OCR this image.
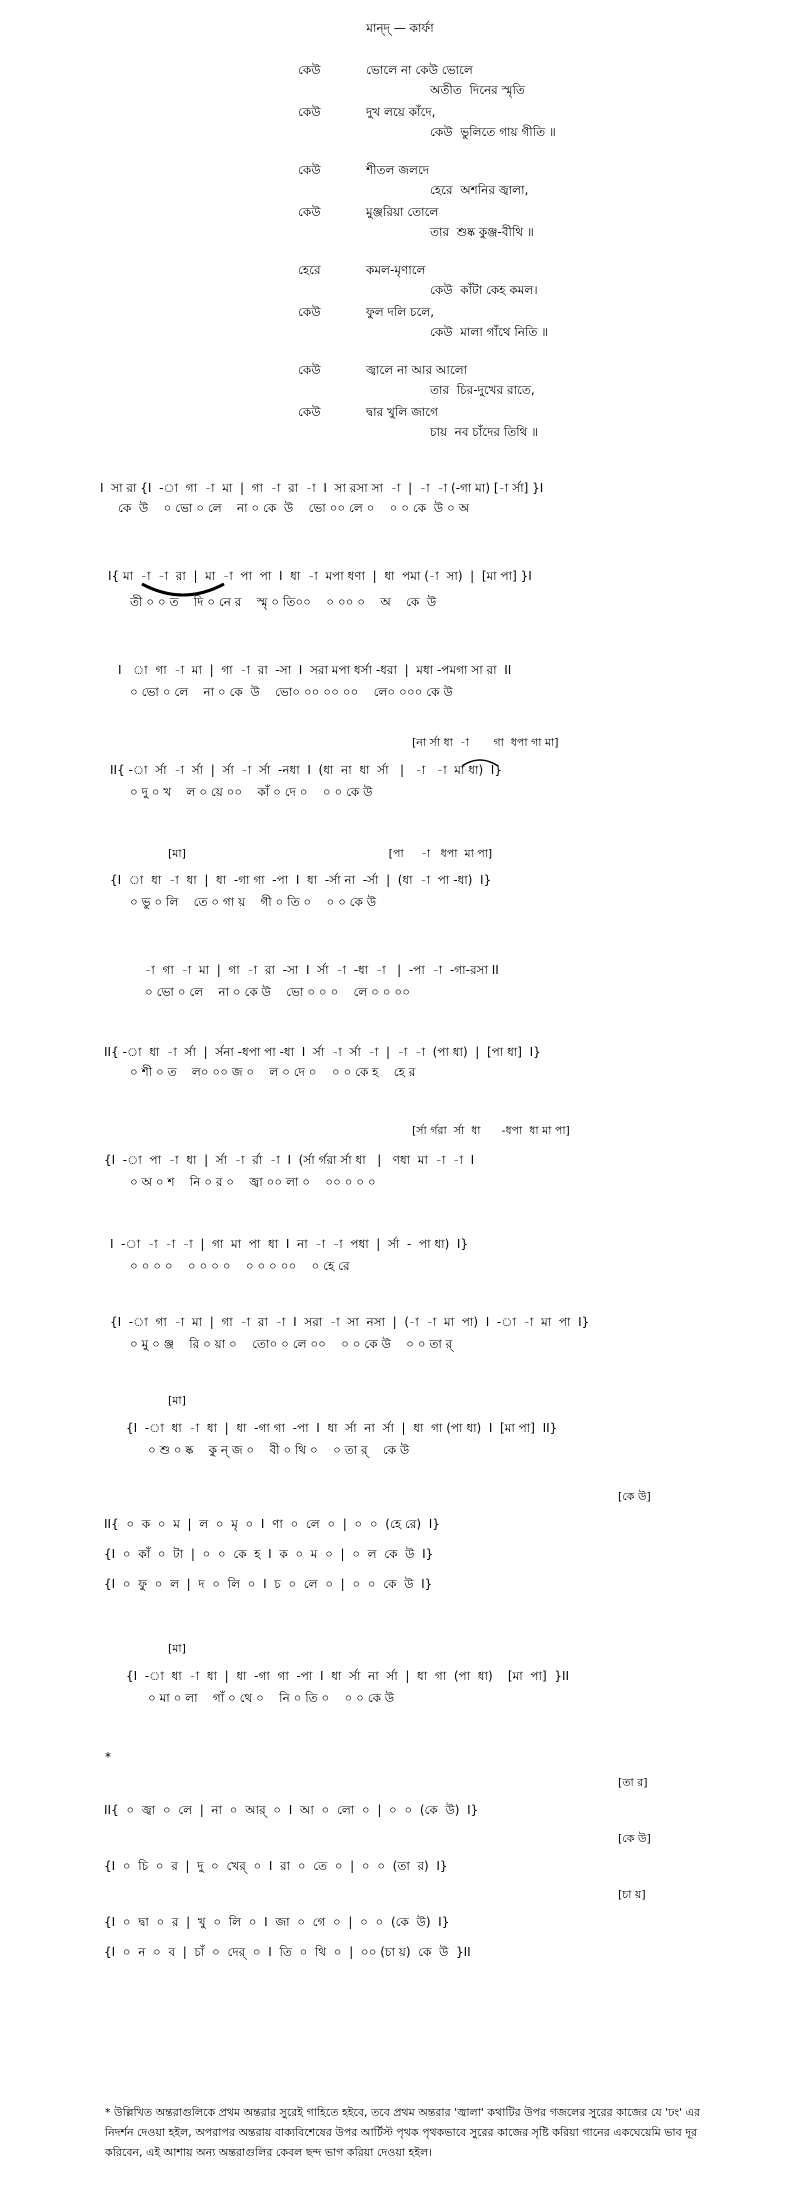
মান্দ্‌ — কার্ফা
কেউ	ভোলে না কেউ ভোলে
অতীত  দিনের স্মৃতি
কেউ	দুখ লয়ে কাঁদে,
কেউ  ভুলিতে গায় গীতি ॥
কেউ	শীতল জলদে
হেরে  অশনির জ্বালা,
কেউ	মুঞ্জরিয়া তোলে
তার  শুষ্ক কুঞ্জ-বীথি ॥
হেরে	কমল-মৃণালে
কেউ  কাঁটা কেহ কমল।
কেউ	ফুল দলি চলে,
কেউ  মালা গাঁথে নিতি ॥
কেউ	জ্বালে না আর আলো
তার  চির-দুখের রাতে,
কেউ	দ্বার খুলি জাগে
চায়  নব চাঁদের তিথি ॥
I  সা রা {I  -া  গা  -া  মা  |  গা  -া  রা  -া  I  সা রসা সা  -া  |  -া  -া (-গা মা) [-া র্সা] }I
কে  উ    ০ ভো ০ লে    না ০ কে  উ    ভো ০০ লে ০    ০ ০ কে  উ ০ অ
I{ মা  -া  -া  রা  |  মা  -া  পা  পা  I  ধা  -া  মপা ধণা  |  ধা  পমা (-া  সা)  |  [মা পা] }I
তী ০ ০ ত    দি ০ নে র    স্মৃ ০ তি০০    ০ ০০ ০    অ    কে  উ
I   া  গা  -া  মা  |  গা  -া  রা  -সা  I  সরা মপা ধর্সা -ধরা  |  মধা -পমগা সা রা  II
০ ভো ০ লে    না ০ কে  উ    ভো০ ০০ ০০ ০০    লে০ ০০০ কে উ
[না র্সা ধা  -া       গা  ধপা গা মা]
II{ -া  র্সা  -া  র্সা  |  র্সা  -া  র্সা  -নধা  I  (ধা  না  ধা  র্সা   |   -া   -া  মা ধা)  I}
০ দু ০ খ    ল ০ য়ে ০০    কাঁ ০ দে ০    ০ ০ কে উ
[মা]                                                          [পা     -া   ধপা  মা পা]
{I  া  ধা  -া  ধা  |  ধা  -গা গা  -পা  I  ধা  -র্সা না  -র্সা  |  (ধা  -া  পা -ধা)  I}
০ ভু ০ লি    তে ০ গা য়    গী ০ তি ০    ০ ০ কে উ
-া  গা  -া  মা  |  গা  -া  রা  -সা  I  র্সা  -া  -ধা  -া   |  -পা  -া  -গা-রসা II
০ ভো ০ লে    না ০ কে উ    ভো ০ ০ ০    লে ০ ০ ০০
II{ -া  ধা  -া  র্সা  |  র্সনা -ধপা পা -ধা  I  র্সা  -া  র্সা  -া  |  -া  -া  (পা ধা)  |  [পা ধা]  I}
০ শী ০ ত    ল০ ০০ জ ০    ল ০ দে ০    ০ ০ কে হ    হে র
[র্সা র্গরা  র্সা  ধা      -ধপা  ধা মা পা]
{I  -া  পা  -া  ধা  |  র্সা  -া  র্রা  -া  I  (র্সা র্গরা র্সা ধা   |   ণধা  মা  -া  -া  I
০ অ ০ শ    নি ০ র ০    জ্বা ০০ লা ০    ০০ ০ ০ ০
I  -া  -া  -া  -া  |  গা  মা  পা  ধা  I  না  -া  -া  পধা  |  র্সা  -  পা ধা)  I}
০ ০ ০ ০    ০ ০ ০ ০    ০ ০ ০ ০০    ০ হে রে
{I  -া  গা  -া  মা  |  গা  -া  রা  -া  I  সরা  -া  সা  নসা  |  (-া  -া  মা  পা)  I  -া  -া  মা  পা  I}
০ মু ০ ঞ্জ    রি ০ য়া ০    তো০ ০ লে ০০    ০ ০ কে উ    ০ ০ তা র্
[মা]
{I  -া  ধা  -া  ধা  |  ধা  -গা গা  -পা  I  ধা  র্সা  না  র্সা  |  ধা  গা (পা ধা)  I  [মা পা]  II}
০ শু ০ ষ্ক    কু ন্ জ ০    বী ০ থি ০    ০ তা র্    কে উ
[কে উ]
II{  ০  ক  ০  ম  |  ল  ০  মৃ  ০  I  ণা  ০  লে  ০  |  ০  ০  (হে রে)  I}
{I  ০  কাঁ  ০  টা  |  ০  ০  কে  হ  I  ক  ০  ম  ০  |  ০  ল  কে  উ  I}
{I  ০  ফু  ০  ল  |  দ  ০  লি  ০  I  চ  ০  লে  ০  |  ০  ০  কে  উ  I}
[মা]
{I  -া  ধা  -া  ধা  |  ধা  -গা  গা  -পা  I  ধা  র্সা  না  র্সা  |  ধা  গা  (পা  ধা)    [মা  পা]  }II
০ মা ০ লা    গাঁ ০ থে ০    নি ০ তি ০    ০ ০ কে উ
*
[তা র]
II{  ০  জ্বা  ০  লে  |  না  ০  আর্  ০  I  আ  ০  লো  ০  |  ০  ০  (কে  উ)  I}
[কে উ]
{I  ০  চি  ০  র  |  দু  ০  খের্  ০  I  রা  ০  তে  ০  |  ০  ০  (তা  র)  I}
[চা য়]
{I  ০  দ্বা  ০  র  |  খু  ০  লি  ০  I  জা  ০  গে  ০  |  ০  ০  (কে  উ)  I}
{I  ০  ন  ০  ব  |  চাঁ  ০  দের্  ০  I  তি  ০  থি  ০  |  ০০ (চা য়)  কে  উ  }II
* উল্লিখিত অন্তরাগুলিকে প্রথম অন্তরার সুরেই গাহিতে হইবে, তবে প্রথম অন্তরার 'জ্বালা' কথাটির উপর গজলের সুরের কাজের যে 'ঢং' এর নিদর্শন দেওয়া হইল, অপরাপর অন্তরায় বাক্যবিশেষের উপর আর্টিস্ট পৃথক পৃথকভাবে সুরের কাজের সৃষ্টি করিয়া গানের একঘেয়েমি ভাব দূর করিবেন, এই আশায় অন্য অন্তরাগুলির কেবল ছন্দ ভাগ করিয়া দেওয়া হইল।
